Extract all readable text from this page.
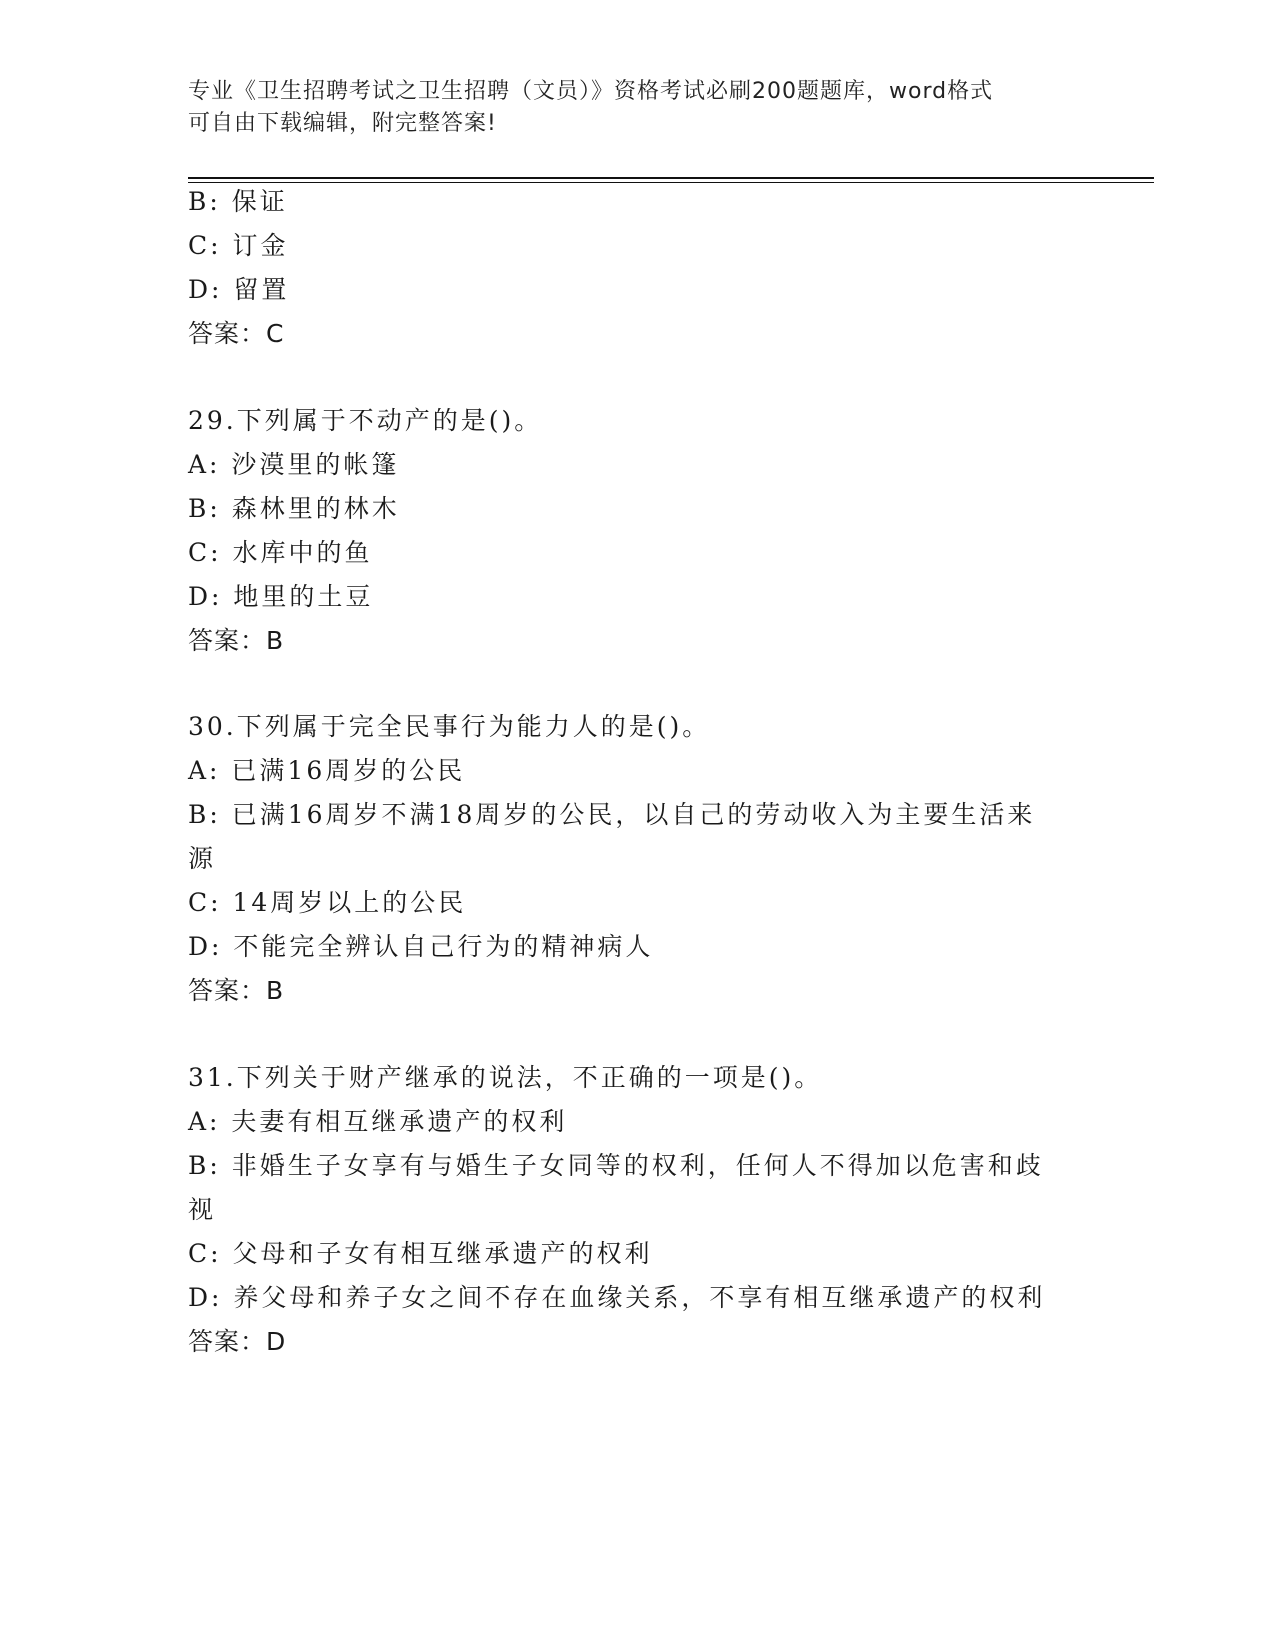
专业《卫生招聘考试之卫生招聘（文员）》资格考试必刷200题题库，word格式
可自由下载编辑，附完整答案!
B: 保证
C: 订金
D: 留置
答案：C
29.下列属于不动产的是()。
A: 沙漠里的帐篷
B: 森林里的林木
C: 水库中的鱼
D: 地里的土豆
答案：B
30.下列属于完全民事行为能力人的是()。
A: 已满16周岁的公民
B: 已满16周岁不满18周岁的公民，以自己的劳动收入为主要生活来
源
C: 14周岁以上的公民
D: 不能完全辨认自己行为的精神病人
答案：B
31.下列关于财产继承的说法，不正确的一项是()。
A: 夫妻有相互继承遗产的权利
B: 非婚生子女享有与婚生子女同等的权利，任何人不得加以危害和歧
视
C: 父母和子女有相互继承遗产的权利
D: 养父母和养子女之间不存在血缘关系，不享有相互继承遗产的权利
答案：D
